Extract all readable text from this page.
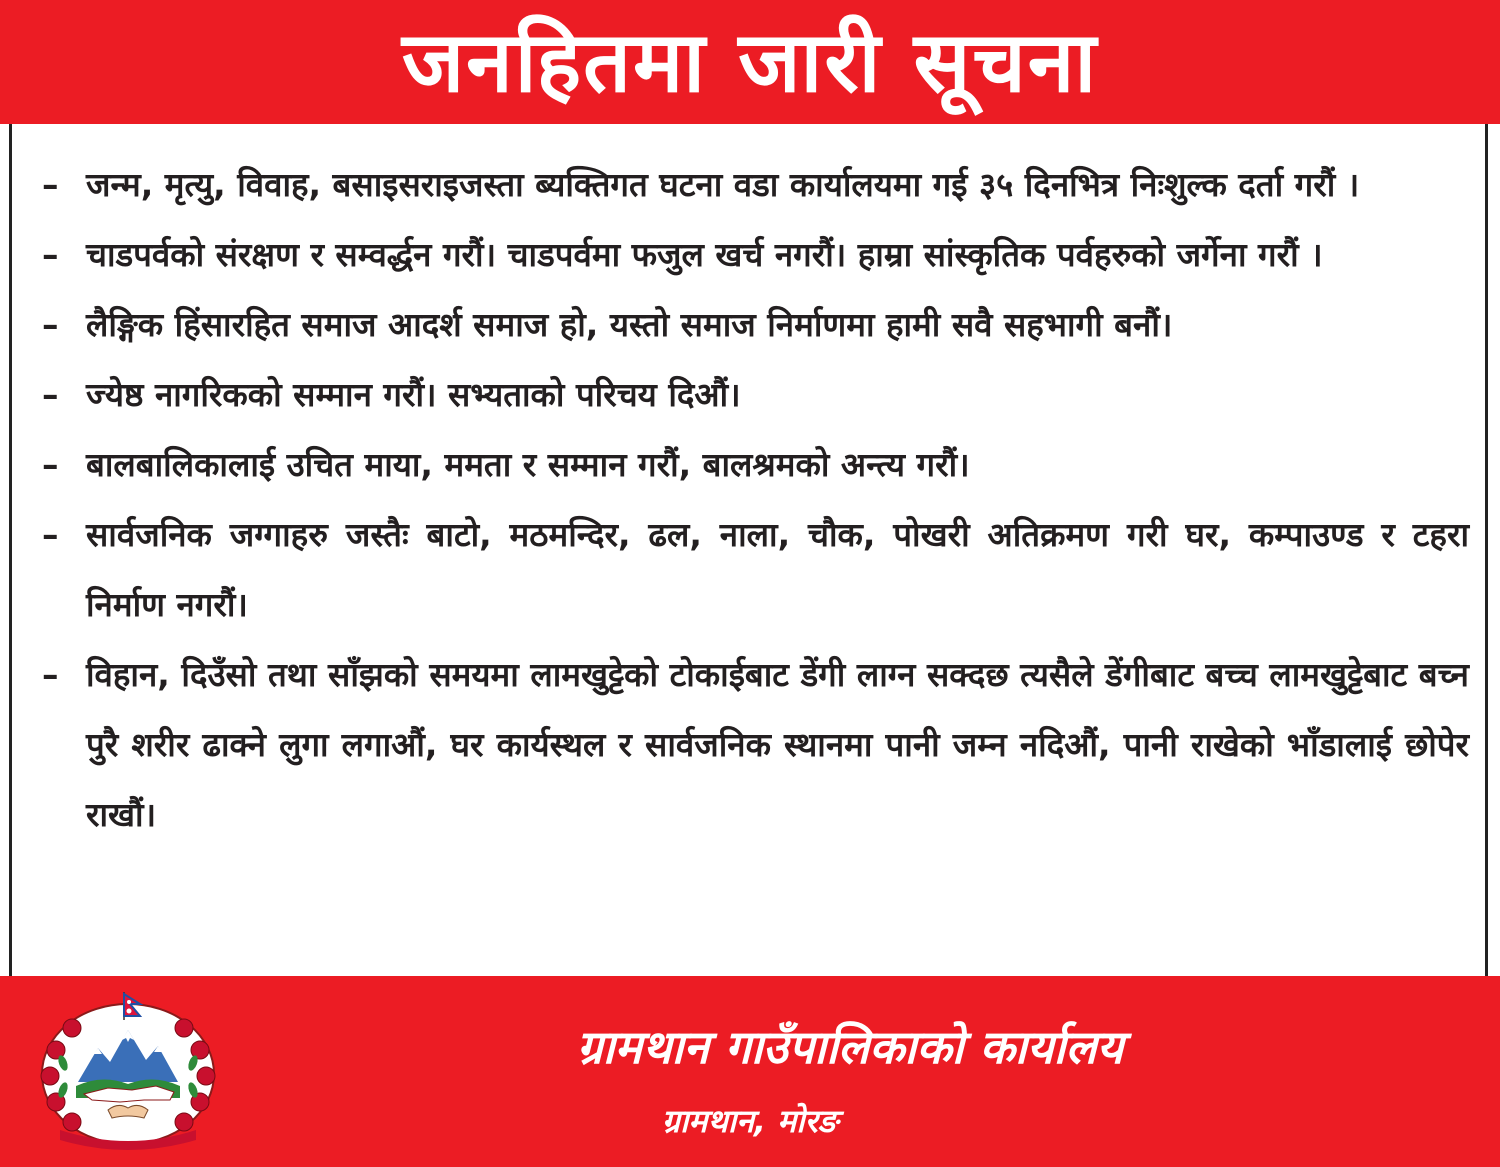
जनहितमा जारी सूचना
– जन्म, मृत्यु, विवाह, बसाइसराइजस्ता ब्यक्तिगत घटना वडा कार्यालयमा गई ३५ दिनभित्र निःशुल्क दर्ता गरौं ।
– चाडपर्वको संरक्षण र सम्वर्द्धन गरौं। चाडपर्वमा फजुल खर्च नगरौं। हाम्रा सांस्कृतिक पर्वहरुको जर्गेना गरौं ।
– लैङ्गिक हिंसारहित समाज आदर्श समाज हो, यस्तो समाज निर्माणमा हामी सवै सहभागी बनौं।
– ज्येष्ठ नागरिकको सम्मान गरौं। सभ्यताको परिचय दिऔं।
– बालबालिकालाई उचित माया, ममता र सम्मान गरौं, बालश्रमको अन्त्य गरौं।
– सार्वजनिक जग्गाहरु जस्तैः बाटो, मठमन्दिर, ढल, नाला, चौक, पोखरी अतिक्रमण गरी घर, कम्पाउण्ड र टहरा निर्माण नगरौं।
– विहान, दिउँसो तथा साँझको समयमा लामखुट्टेको टोकाईबाट डेंगी लाग्न सक्दछ त्यसैले डेंगीबाट बच्च लामखुट्टेबाट बच्न पुरै शरीर ढाक्ने लुगा लगाऔं, घर कार्यस्थल र सार्वजनिक स्थानमा पानी जम्न नदिऔं, पानी राखेको भाँडालाई छोपेर राखौं।
ग्रामथान गाउँपालिकाको कार्यालय
ग्रामथान, मोरङ
